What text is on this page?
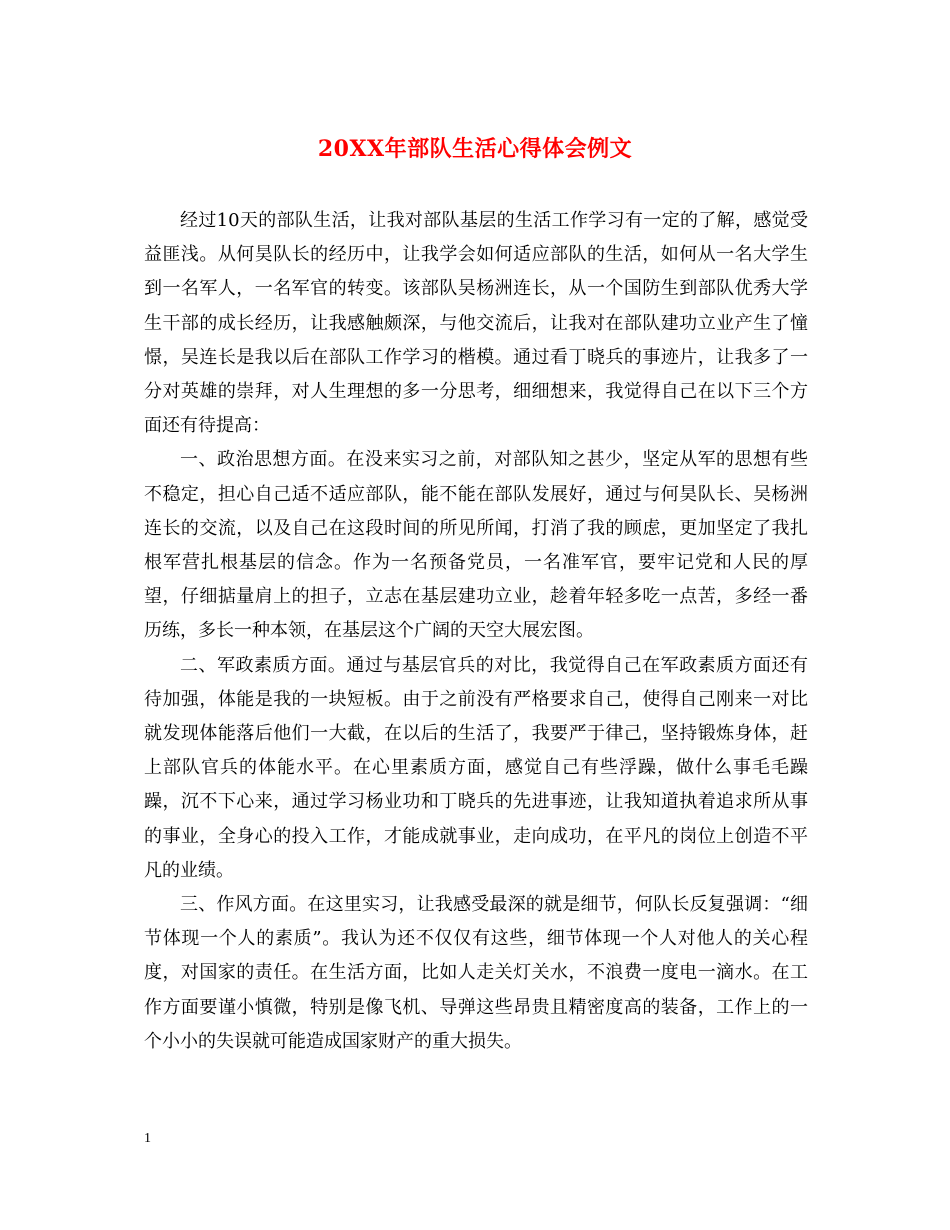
20XX年部队生活心得体会例文

经过10天的部队生活，让我对部队基层的生活工作学习有一定的了解，感觉受益匪浅。从何昊队长的经历中，让我学会如何适应部队的生活，如何从一名大学生到一名军人，一名军官的转变。该部队吴杨洲连长，从一个国防生到部队优秀大学生干部的成长经历，让我感触颇深，与他交流后，让我对在部队建功立业产生了憧憬，吴连长是我以后在部队工作学习的楷模。通过看丁晓兵的事迹片，让我多了一分对英雄的崇拜，对人生理想的多一分思考，细细想来，我觉得自己在以下三个方面还有待提高：

一、政治思想方面。在没来实习之前，对部队知之甚少，坚定从军的思想有些不稳定，担心自己适不适应部队，能不能在部队发展好，通过与何昊队长、吴杨洲连长的交流，以及自己在这段时间的所见所闻，打消了我的顾虑，更加坚定了我扎根军营扎根基层的信念。作为一名预备党员，一名准军官，要牢记党和人民的厚望，仔细掂量肩上的担子，立志在基层建功立业，趁着年轻多吃一点苦，多经一番历练，多长一种本领，在基层这个广阔的天空大展宏图。

二、军政素质方面。通过与基层官兵的对比，我觉得自己在军政素质方面还有待加强，体能是我的一块短板。由于之前没有严格要求自己，使得自己刚来一对比就发现体能落后他们一大截，在以后的生活了，我要严于律己，坚持锻炼身体，赶上部队官兵的体能水平。在心里素质方面，感觉自己有些浮躁，做什么事毛毛躁躁，沉不下心来，通过学习杨业功和丁晓兵的先进事迹，让我知道执着追求所从事的事业，全身心的投入工作，才能成就事业，走向成功，在平凡的岗位上创造不平凡的业绩。

三、作风方面。在这里实习，让我感受最深的就是细节，何队长反复强调：“细节体现一个人的素质”。我认为还不仅仅有这些，细节体现一个人对他人的关心程度，对国家的责任。在生活方面，比如人走关灯关水，不浪费一度电一滴水。在工作方面要谨小慎微，特别是像飞机、导弹这些昂贵且精密度高的装备，工作上的一个小小的失误就可能造成国家财产的重大损失。

1
